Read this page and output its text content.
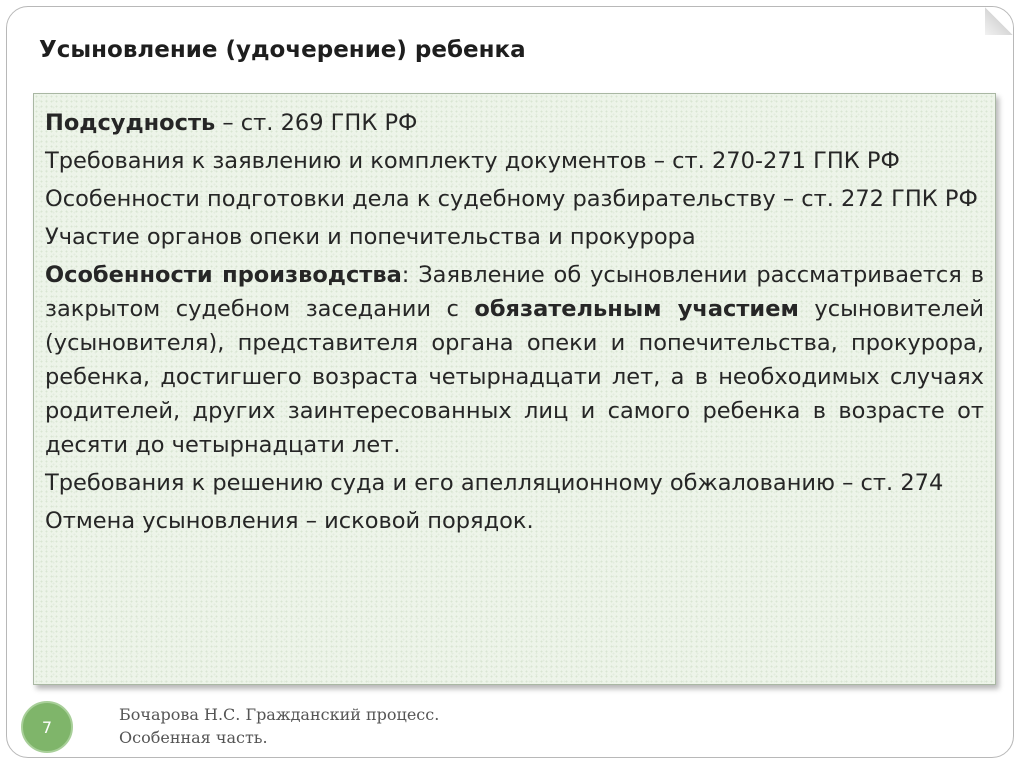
Усыновление (удочерение) ребенка

Подсудность – ст. 269 ГПК РФ

Требования к заявлению и комплекту документов – ст. 270-271 ГПК РФ

Особенности подготовки дела к судебному разбирательству – ст. 272 ГПК РФ

Участие органов опеки и попечительства и прокурора

Особенности производства: Заявление об усыновлении рассматривается в закрытом судебном заседании с обязательным участием усыновителей (усыновителя), представителя органа опеки и попечительства, прокурора, ребенка, достигшего возраста четырнадцати лет, а в необходимых случаях родителей, других заинтересованных лиц и самого ребенка в возрасте от десяти до четырнадцати лет.

Требования к решению суда и его апелляционному обжалованию – ст. 274

Отмена усыновления – исковой порядок.

7
Бочарова Н.С. Гражданский процесс.
Особенная часть.
